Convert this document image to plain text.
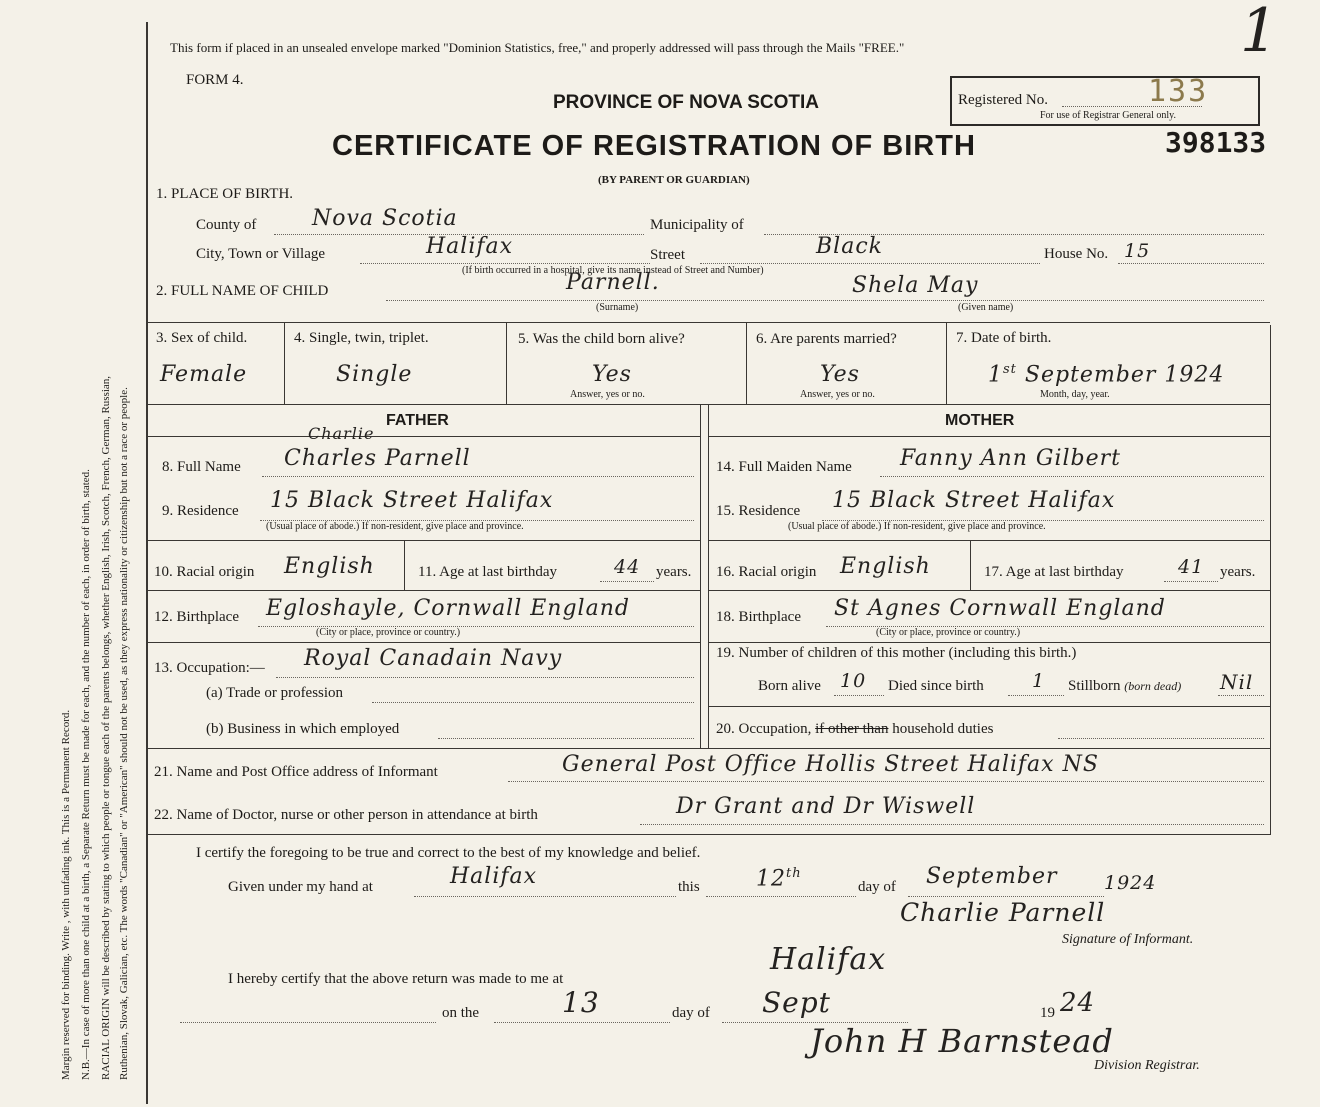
Margin reserved for binding. Write , with unfading ink. This is a Permanent Record. N.B.—In case of more than one child at a birth, a Separate Return must be made for each, and the number of each, in order of birth, stated. RACIAL ORIGIN will be described by stating to which people or tongue each of the parents belongs, whether English, Irish, Scotch, French, German, Russian, Ruthenian, Slovak, Galician, etc. The words "Canadian" or "American" should not be used, as they express nationality or citizenship but not a race or people.
This form if placed in an unsealed envelope marked "Dominion Statistics, free," and properly addressed will pass through the Mails "FREE."
FORM 4.
PROVINCE OF NOVA SCOTIA
CERTIFICATE OF REGISTRATION OF BIRTH
(BY PARENT OR GUARDIAN)
Registered No.	133
For use of Registrar General only.
398133
1
1. PLACE OF BIRTH.
County of	Nova Scotia	Municipality of
City, Town or Village	Halifax	Street	Black	House No. 15
(If birth occurred in a hospital, give its name instead of Street and Number)
2. FULL NAME OF CHILD	Parnell.	Shela May
(Surname)	(Given name)
3. Sex of child.
Female
4. Single, twin, triplet.
Single
5. Was the child born alive?
Yes
Answer, yes or no.
6. Are parents married?
Yes
Answer, yes or no.
7. Date of birth.
1st September 1924
Month, day, year.
FATHER	MOTHER
8. Full Name
Charlie
Charles Parnell	14. Full Maiden Name Fanny Ann Gilbert
9. Residence 15 Black Street Halifax
(Usual place of abode.) If non-resident, give place and province.
15. Residence 15 Black Street Halifax
(Usual place of abode.) If non-resident, give place and province.
10. Racial origin English	11. Age at last birthday	44 years. 16. Racial origin English	17. Age at last birthday	41 years.
12. Birthplace Egloshayle, Cornwall England
(City or place, province or country.)
18. Birthplace St Agnes Cornwall England
(City or place, province or country.)
13. Occupation:— Royal Canadain Navy
(a) Trade or profession
(b) Business in which employed
19. Number of children of this mother (including this birth.)
Born alive 10 Died since birth	1 Stillborn (born dead) Nil
20. Occupation, if other than household duties
21. Name and Post Office address of Informant	General Post Office Hollis Street Halifax NS
22. Name of Doctor, nurse or other person in attendance at birth	Dr Grant and Dr Wiswell
I certify the foregoing to be true and correct to the best of my knowledge and belief.
Given under my hand at	Halifax	this	12th
day of September 1924
Charlie Parnell
Signature of Informant.
I hereby certify that the above return was made to me at
Halifax
on the	13	day of Sept	19 24
John H Barnstead
Division Registrar.
